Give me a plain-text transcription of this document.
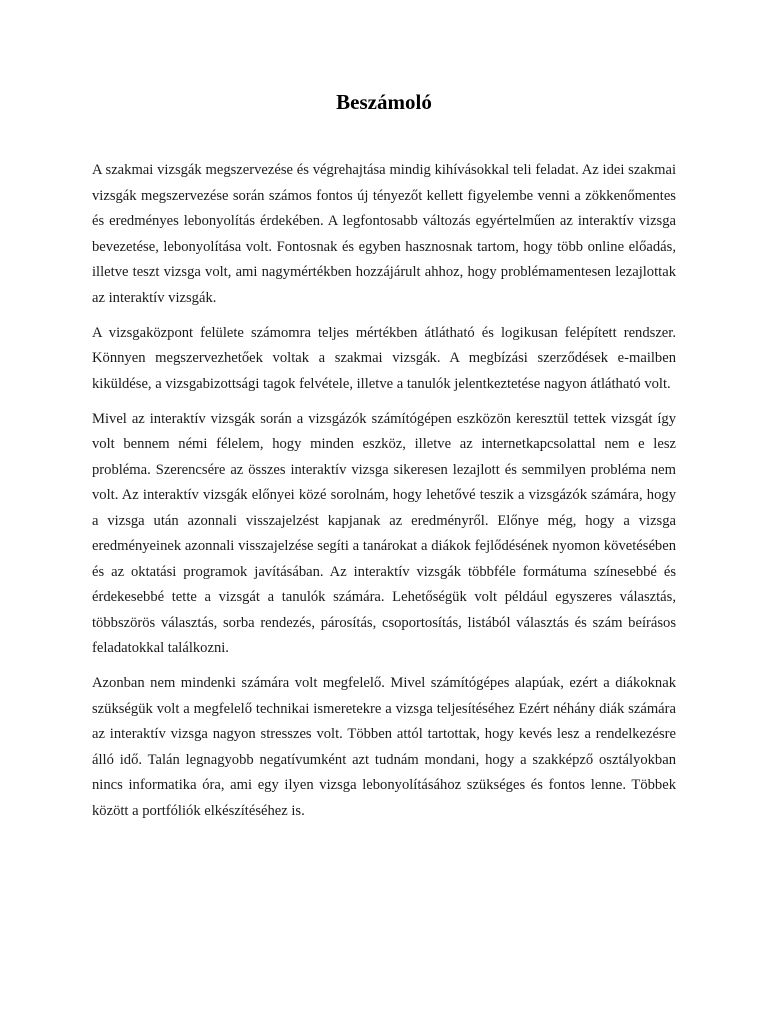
Beszámoló

A szakmai vizsgák megszervezése és végrehajtása mindig kihívásokkal teli feladat. Az idei szakmai vizsgák megszervezése során számos fontos új tényezőt kellett figyelembe venni a zökkenőmentes és eredményes lebonyolítás érdekében. A legfontosabb változás egyértelműen az interaktív vizsga bevezetése, lebonyolítása volt. Fontosnak és egyben hasznosnak tartom, hogy több online előadás, illetve teszt vizsga volt, ami nagymértékben hozzájárult ahhoz, hogy problémamentesen lezajlottak az interaktív vizsgák.

A vizsgaközpont felülete számomra teljes mértékben átlátható és logikusan felépített rendszer. Könnyen megszervezhetőek voltak a szakmai vizsgák. A megbízási szerződések e-mailben kiküldése, a vizsgabizottsági tagok felvétele, illetve a tanulók jelentkeztetése nagyon átlátható volt.

Mivel az interaktív vizsgák során a vizsgázók számítógépen eszközön keresztül tettek vizsgát így volt bennem némi félelem, hogy minden eszköz, illetve az internetkapcsolattal nem e lesz probléma. Szerencsére az összes interaktív vizsga sikeresen lezajlott és semmilyen probléma nem volt. Az interaktív vizsgák előnyei közé sorolnám, hogy lehetővé teszik a vizsgázók számára, hogy a vizsga után azonnali visszajelzést kapjanak az eredményről. Előnye még, hogy a vizsga eredményeinek azonnali visszajelzése segíti a tanárokat a diákok fejlődésének nyomon követésében és az oktatási programok javításában. Az interaktív vizsgák többféle formátuma színesebbé és érdekesebbé tette a vizsgát a tanulók számára. Lehetőségük volt például egyszeres választás, többszörös választás, sorba rendezés, párosítás, csoportosítás, listából választás és szám beírásos feladatokkal találkozni.

Azonban nem mindenki számára volt megfelelő. Mivel számítógépes alapúak, ezért a diákoknak szükségük volt a megfelelő technikai ismeretekre a vizsga teljesítéséhez Ezért néhány diák számára az interaktív vizsga nagyon stresszes volt. Többen attól tartottak, hogy kevés lesz a rendelkezésre álló idő. Talán legnagyobb negatívumként azt tudnám mondani, hogy a szakképző osztályokban nincs informatika óra, ami egy ilyen vizsga lebonyolításához szükséges és fontos lenne. Többek között a portfóliók elkészítéséhez is.
